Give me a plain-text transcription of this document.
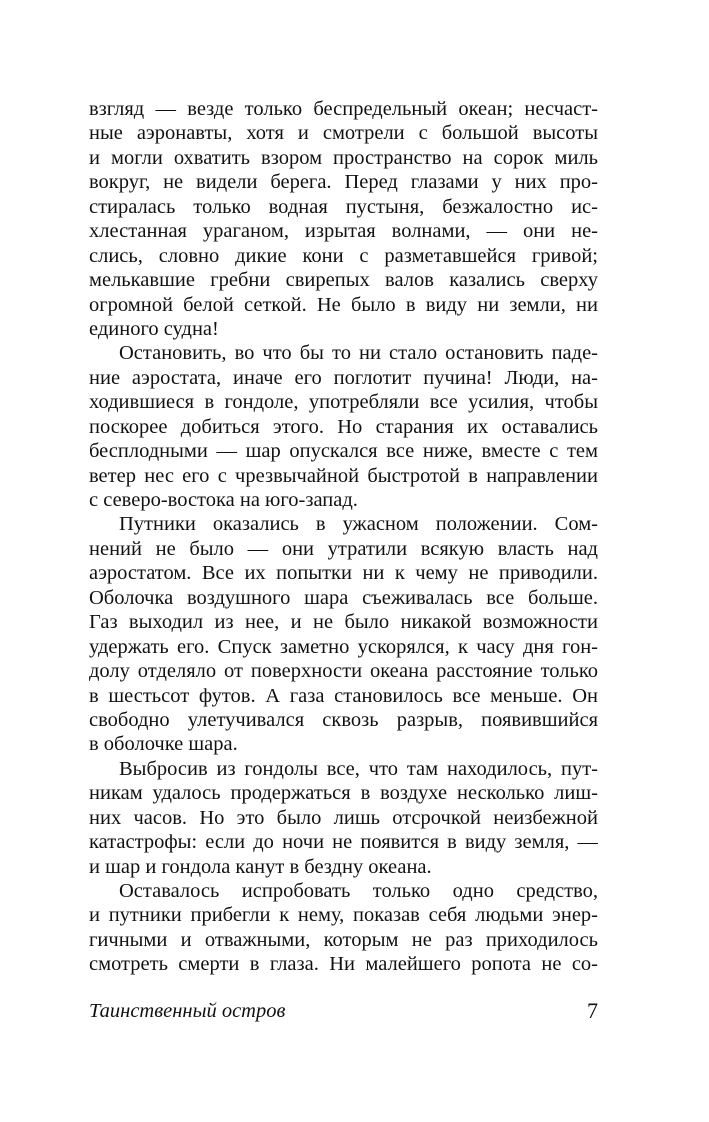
взгляд — везде только беспредельный океан; несчаст-
ные аэронавты, хотя и смотрели с большой высоты
и могли охватить взором пространство на сорок миль
вокруг, не видели берега. Перед глазами у них про-
стиралась только водная пустыня, безжалостно ис-
хлестанная ураганом, изрытая волнами, — они не-
слись, словно дикие кони с разметавшейся гривой;
мелькавшие гребни свирепых валов казались сверху
огромной белой сеткой. Не было в виду ни земли, ни
единого судна!
Остановить, во что бы то ни стало остановить паде-
ние аэростата, иначе его поглотит пучина! Люди, на-
ходившиеся в гондоле, употребляли все усилия, чтобы
поскорее добиться этого. Но старания их оставались
бесплодными — шар опускался все ниже, вместе с тем
ветер нес его с чрезвычайной быстротой в направлении
с северо-востока на юго-запад.
Путники оказались в ужасном положении. Сом-
нений не было — они утратили всякую власть над
аэростатом. Все их попытки ни к чему не приводили.
Оболочка воздушного шара съеживалась все больше.
Газ выходил из нее, и не было никакой возможности
удержать его. Спуск заметно ускорялся, к часу дня гон-
долу отделяло от поверхности океана расстояние только
в шестьсот футов. А газа становилось все меньше. Он
свободно улетучивался сквозь разрыв, появившийся
в оболочке шара.
Выбросив из гондолы все, что там находилось, пут-
никам удалось продержаться в воздухе несколько лиш-
них часов. Но это было лишь отсрочкой неизбежной
катастрофы: если до ночи не появится в виду земля, —
и шар и гондола канут в бездну океана.
Оставалось испробовать только одно средство,
и путники прибегли к нему, показав себя людьми энер-
гичными и отважными, которым не раз приходилось
смотреть смерти в глаза. Ни малейшего ропота не со-
Таинственный остров	7
